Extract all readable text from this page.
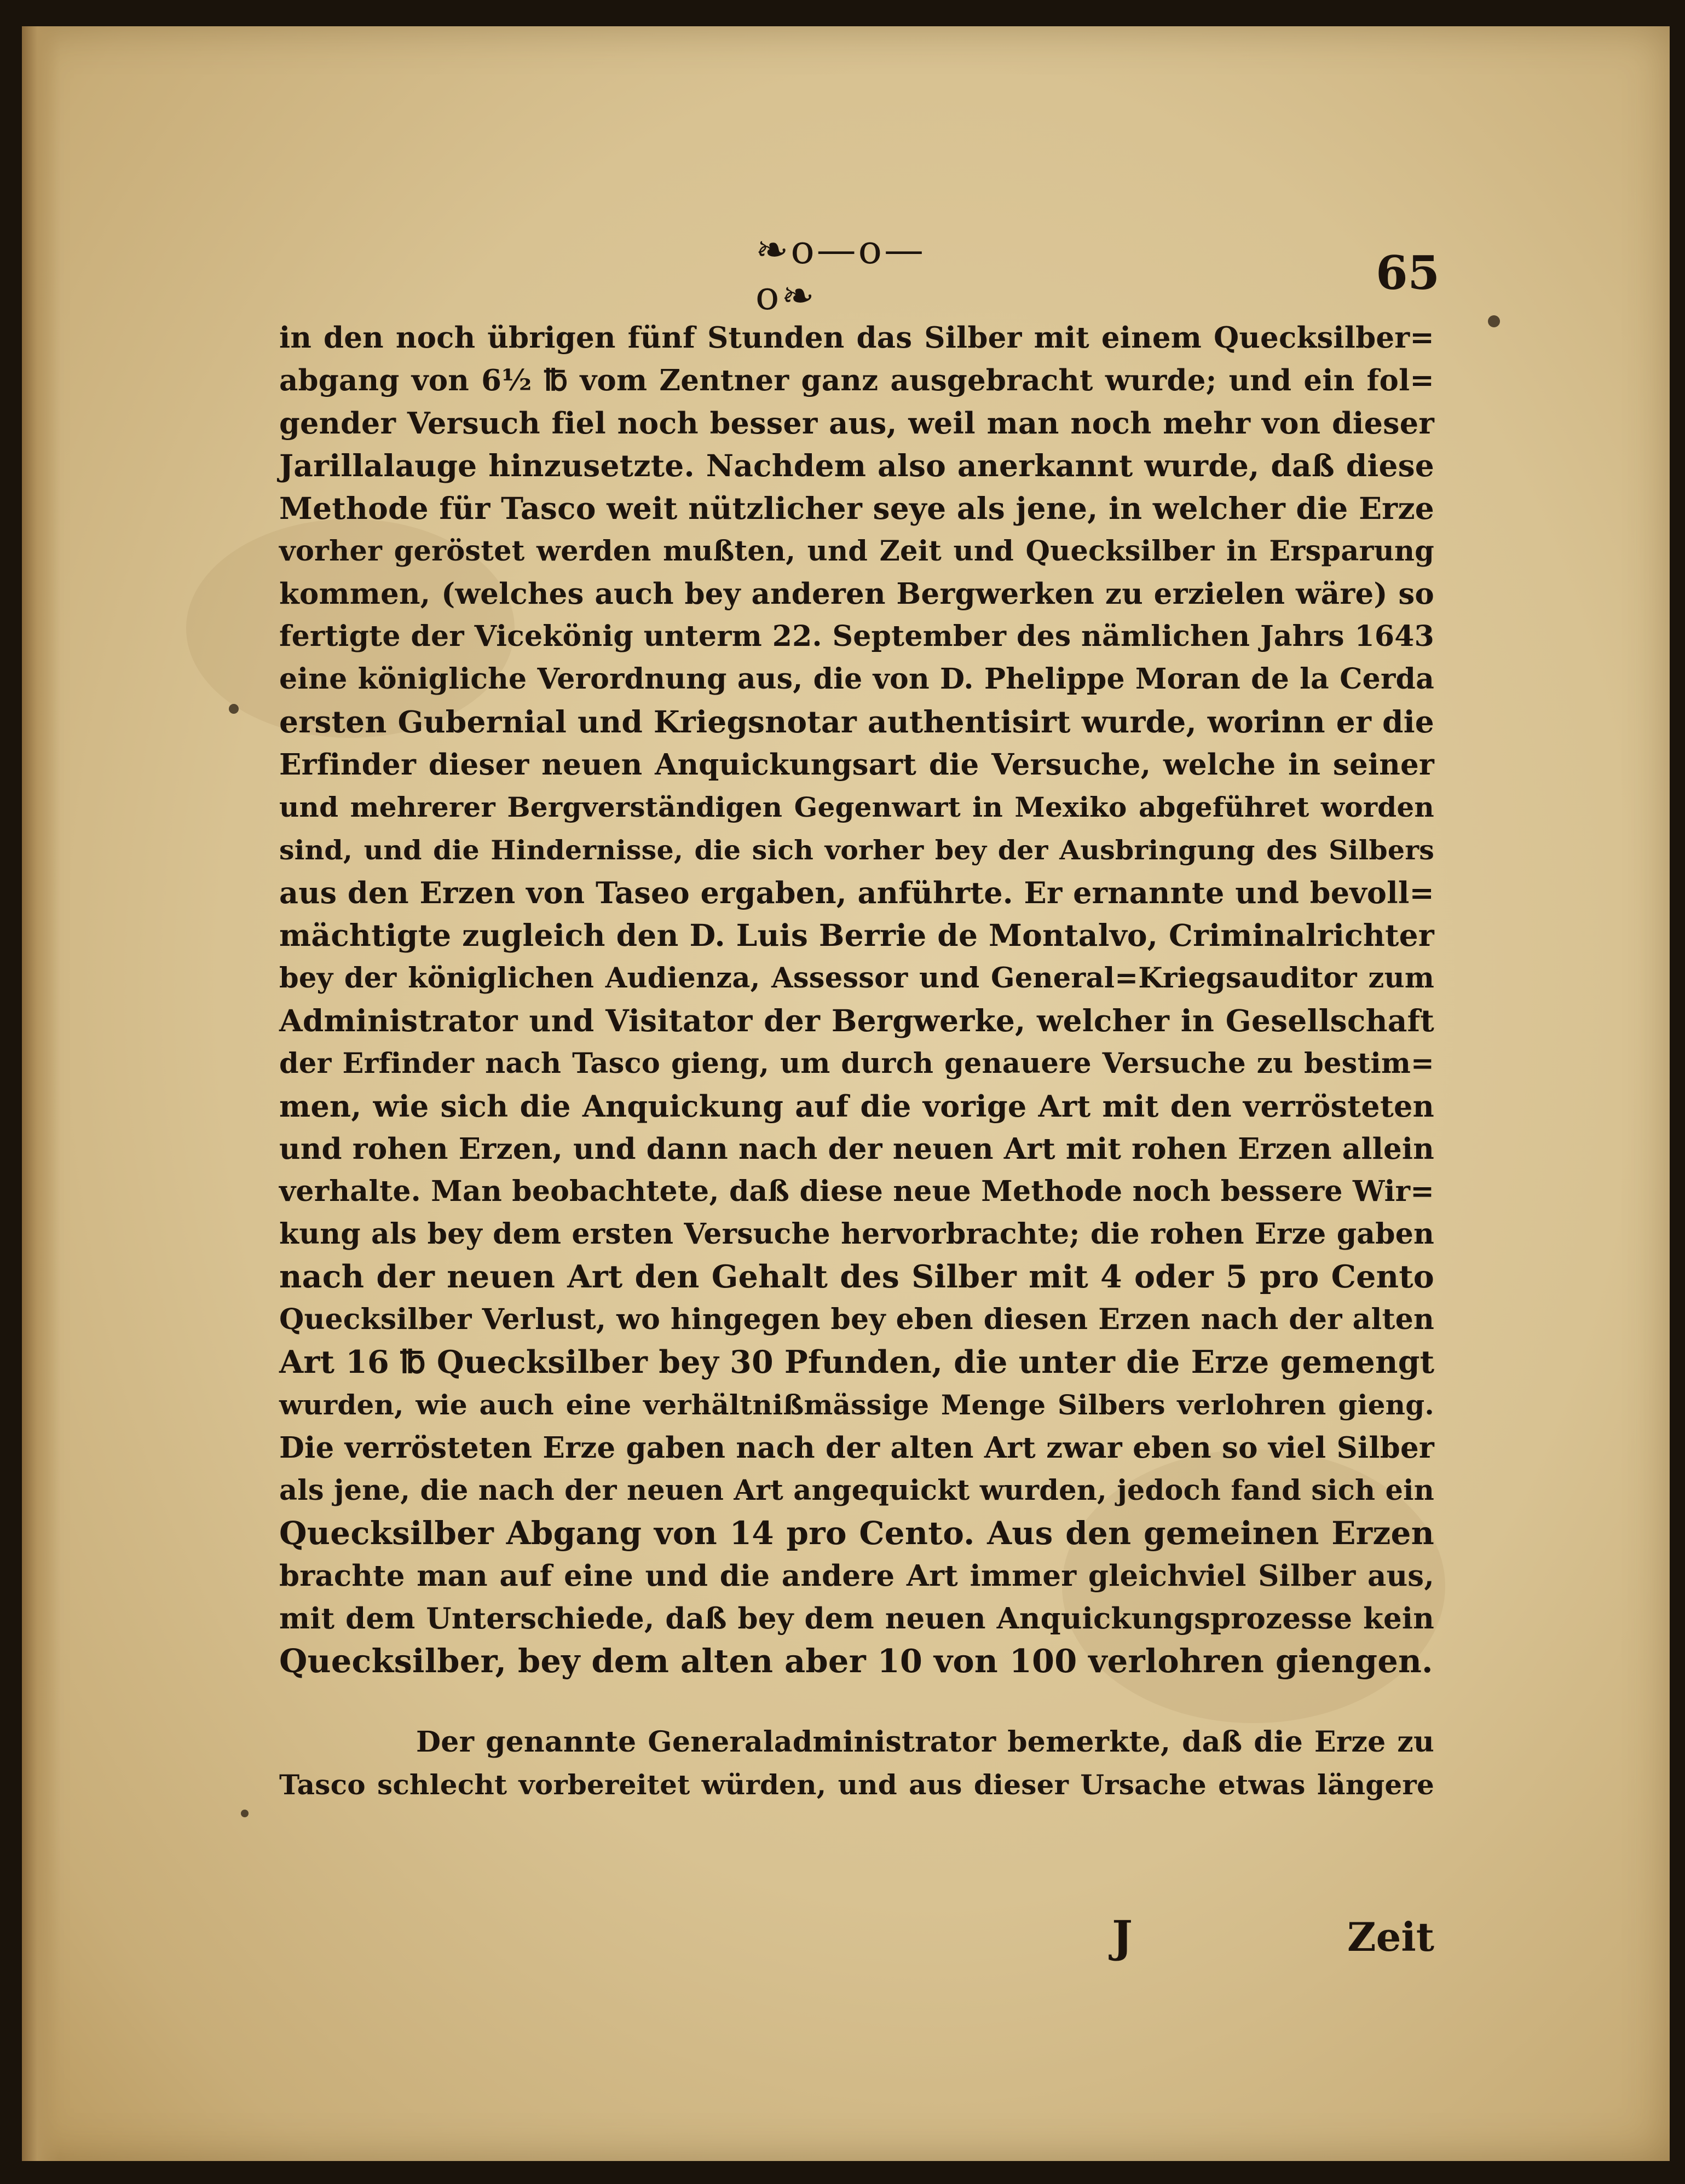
❧o—o—o❧	65
in den noch übrigen fünf Stunden das Silber mit einem Quecksilber=
abgang von 6½ ℔ vom Zentner ganz ausgebracht wurde; und ein fol=
gender Versuch fiel noch besser aus, weil man noch mehr von dieser
Jarillalauge hinzusetzte. Nachdem also anerkannt wurde, daß diese
Methode für Tasco weit nützlicher seye als jene, in welcher die Erze
vorher geröstet werden mußten, und Zeit und Quecksilber in Ersparung
kommen, (welches auch bey anderen Bergwerken zu erzielen wäre) so
fertigte der Vicekönig unterm 22. September des nämlichen Jahrs 1643
eine königliche Verordnung aus, die von D. Phelippe Moran de la Cerda
ersten Gubernial und Kriegsnotar authentisirt wurde, worinn er die
Erfinder dieser neuen Anquickungsart die Versuche, welche in seiner
und mehrerer Bergverständigen Gegenwart in Mexiko abgeführet worden
sind, und die Hindernisse, die sich vorher bey der Ausbringung des Silbers
aus den Erzen von Taseo ergaben, anführte. Er ernannte und bevoll=
mächtigte zugleich den D. Luis Berrie de Montalvo, Criminalrichter
bey der königlichen Audienza, Assessor und General=Kriegsauditor zum
Administrator und Visitator der Bergwerke, welcher in Gesellschaft
der Erfinder nach Tasco gieng, um durch genauere Versuche zu bestim=
men, wie sich die Anquickung auf die vorige Art mit den verrösteten
und rohen Erzen, und dann nach der neuen Art mit rohen Erzen allein
verhalte. Man beobachtete, daß diese neue Methode noch bessere Wir=
kung als bey dem ersten Versuche hervorbrachte; die rohen Erze gaben
nach der neuen Art den Gehalt des Silber mit 4 oder 5 pro Cento
Quecksilber Verlust, wo hingegen bey eben diesen Erzen nach der alten
Art 16 ℔ Quecksilber bey 30 Pfunden, die unter die Erze gemengt
wurden, wie auch eine verhältnißmässige Menge Silbers verlohren gieng.
Die verrösteten Erze gaben nach der alten Art zwar eben so viel Silber
als jene, die nach der neuen Art angequickt wurden, jedoch fand sich ein
Quecksilber Abgang von 14 pro Cento. Aus den gemeinen Erzen
brachte man auf eine und die andere Art immer gleichviel Silber aus,
mit dem Unterschiede, daß bey dem neuen Anquickungsprozesse kein
Quecksilber, bey dem alten aber 10 von 100 verlohren giengen.
Der genannte Generaladministrator bemerkte, daß die Erze zu
Tasco schlecht vorbereitet würden, und aus dieser Ursache etwas längere
J	Zeit
